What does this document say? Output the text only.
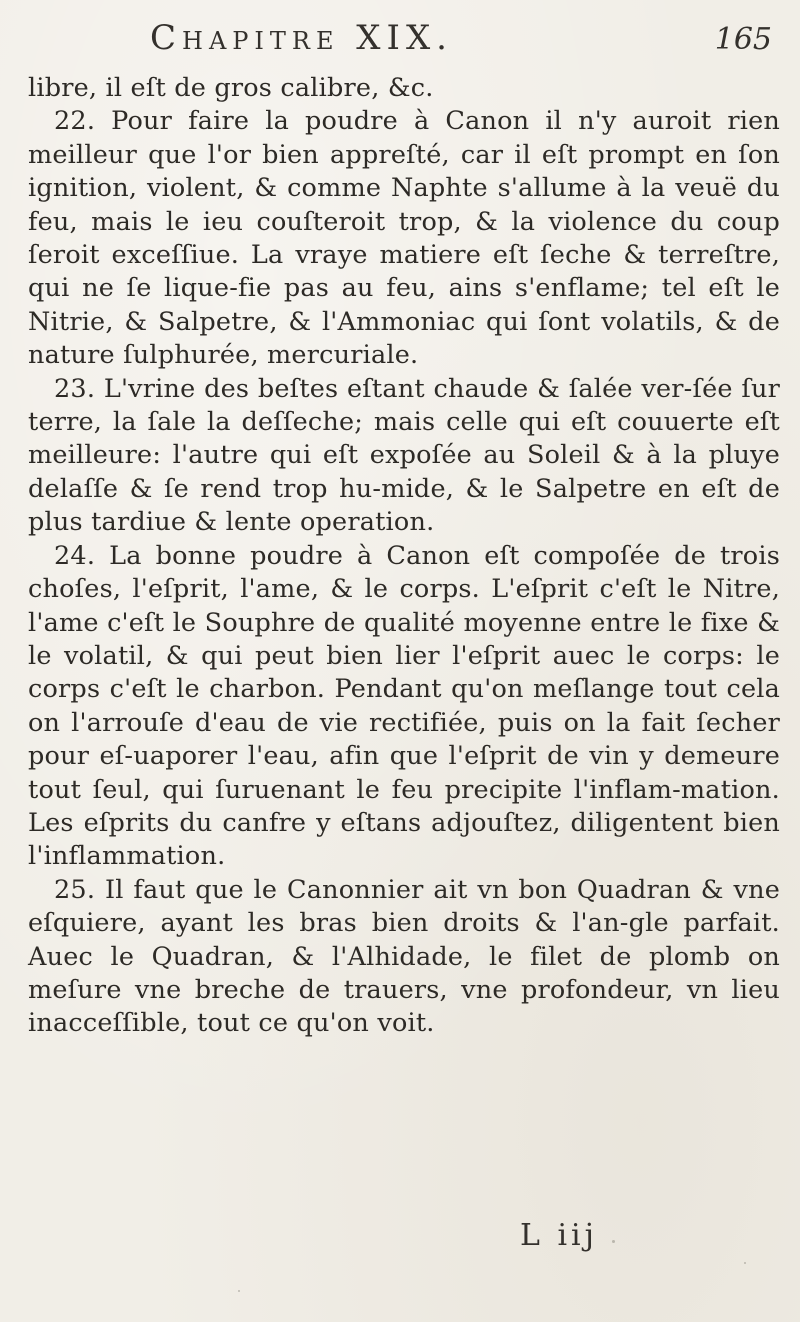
Chapitre XIX.	165

libre, il eſt de gros calibre, &c.

22. Pour faire la poudre à Canon il n'y auroit rien meilleur que l'or bien appreſté, car il eſt prompt en ſon ignition, violent, & comme Naphte s'allume à la veuë du feu, mais le ieu couſteroit trop, & la violence du coup ſeroit exceſſiue. La vraye matiere eſt ſeche & terreſtre, qui ne ſe lique-fie pas au feu, ains s'enflame; tel eſt le Nitrie, & Salpetre, & l'Ammoniac qui ſont volatils, & de nature ſulphurée, mercuriale.

23. L'vrine des beſtes eſtant chaude & ſalée ver-ſée ſur terre, la ſale la deſſeche; mais celle qui eſt couuerte eſt meilleure: l'autre qui eſt expoſée au Soleil & à la pluye delaſſe & ſe rend trop hu-mide, & le Salpetre en eſt de plus tardiue & lente operation.

24. La bonne poudre à Canon eſt compoſée de trois choſes, l'eſprit, l'ame, & le corps. L'eſprit c'eſt le Nitre, l'ame c'eſt le Souphre de qualité moyenne entre le fixe & le volatil, & qui peut bien lier l'eſprit auec le corps: le corps c'eſt le charbon. Pendant qu'on meſlange tout cela on l'arrouſe d'eau de vie rectifiée, puis on la fait ſecher pour eſ-uaporer l'eau, afin que l'eſprit de vin y demeure tout ſeul, qui ſuruenant le feu precipite l'inflam-mation. Les eſprits du canfre y eſtans adjouſtez, diligentent bien l'inflammation.

25. Il faut que le Canonnier ait vn bon Quadran & vne eſquiere, ayant les bras bien droits & l'an-gle parfait. Auec le Quadran, & l'Alhidade, le filet de plomb on meſure vne breche de trauers, vne profondeur, vn lieu inacceſſible, tout ce qu'on voit.

L iij
